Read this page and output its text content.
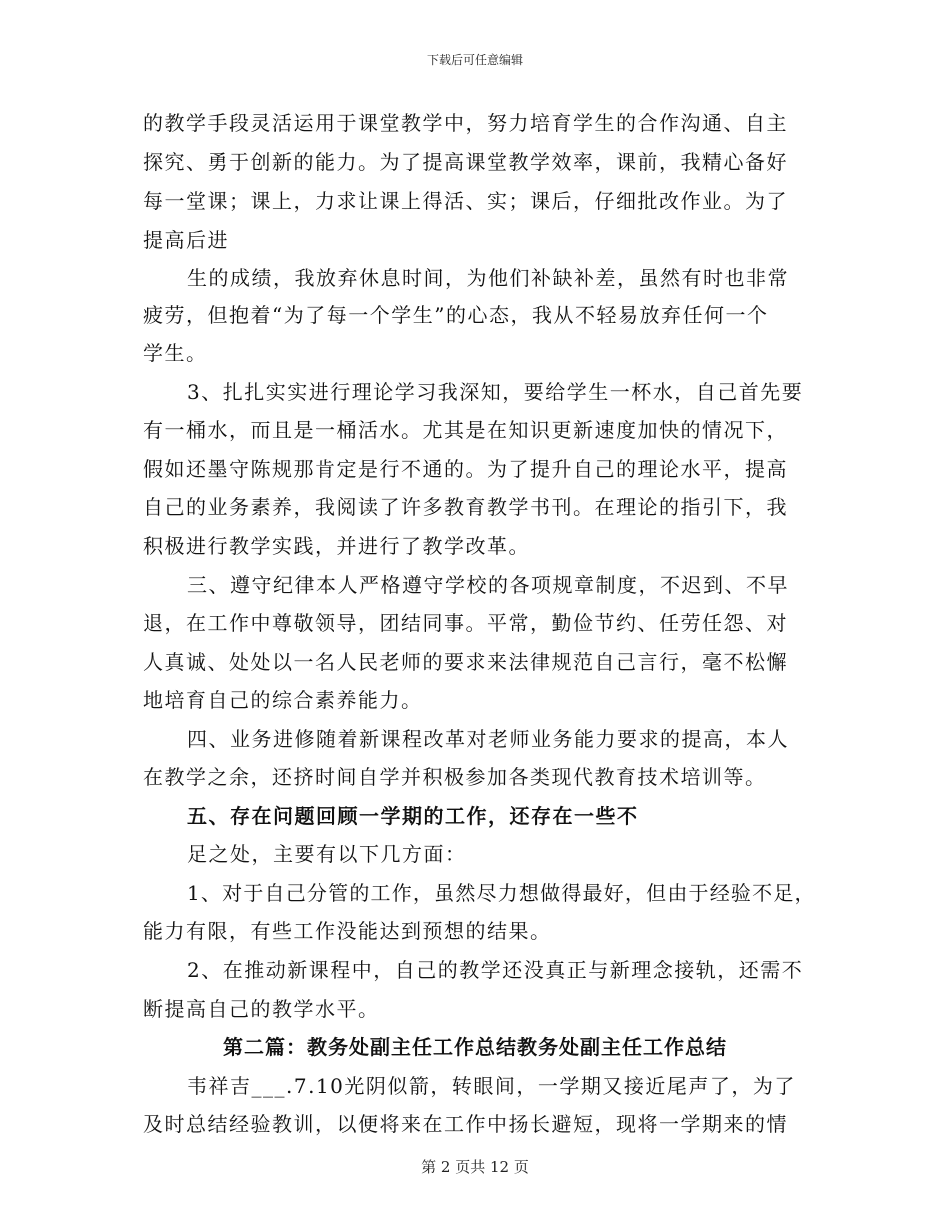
下载后可任意编辑
的教学手段灵活运用于课堂教学中，努力培育学生的合作沟通、自主
探究、勇于创新的能力。为了提高课堂教学效率，课前，我精心备好
每一堂课；课上，力求让课上得活、实；课后，仔细批改作业。为了
提高后进
生的成绩，我放弃休息时间，为他们补缺补差，虽然有时也非常
疲劳，但抱着“为了每一个学生”的心态，我从不轻易放弃任何一个
学生。
3、扎扎实实进行理论学习我深知，要给学生一杯水，自己首先要
有一桶水，而且是一桶活水。尤其是在知识更新速度加快的情况下，
假如还墨守陈规那肯定是行不通的。为了提升自己的理论水平，提高
自己的业务素养，我阅读了许多教育教学书刊。在理论的指引下，我
积极进行教学实践，并进行了教学改革。
三、遵守纪律本人严格遵守学校的各项规章制度，不迟到、不早
退，在工作中尊敬领导，团结同事。平常，勤俭节约、任劳任怨、对
人真诚、处处以一名人民老师的要求来法律规范自己言行，毫不松懈
地培育自己的综合素养能力。
四、业务进修随着新课程改革对老师业务能力要求的提高，本人
在教学之余，还挤时间自学并积极参加各类现代教育技术培训等。
五、存在问题回顾一学期的工作，还存在一些不
足之处，主要有以下几方面：
1、对于自己分管的工作，虽然尽力想做得最好，但由于经验不足，
能力有限，有些工作没能达到预想的结果。
2、在推动新课程中，自己的教学还没真正与新理念接轨，还需不
断提高自己的教学水平。
第二篇：教务处副主任工作总结教务处副主任工作总结
韦祥吉___.7.10光阴似箭，转眼间，一学期又接近尾声了，为了
及时总结经验教训，以便将来在工作中扬长避短，现将一学期来的情
第 2 页共 12 页
